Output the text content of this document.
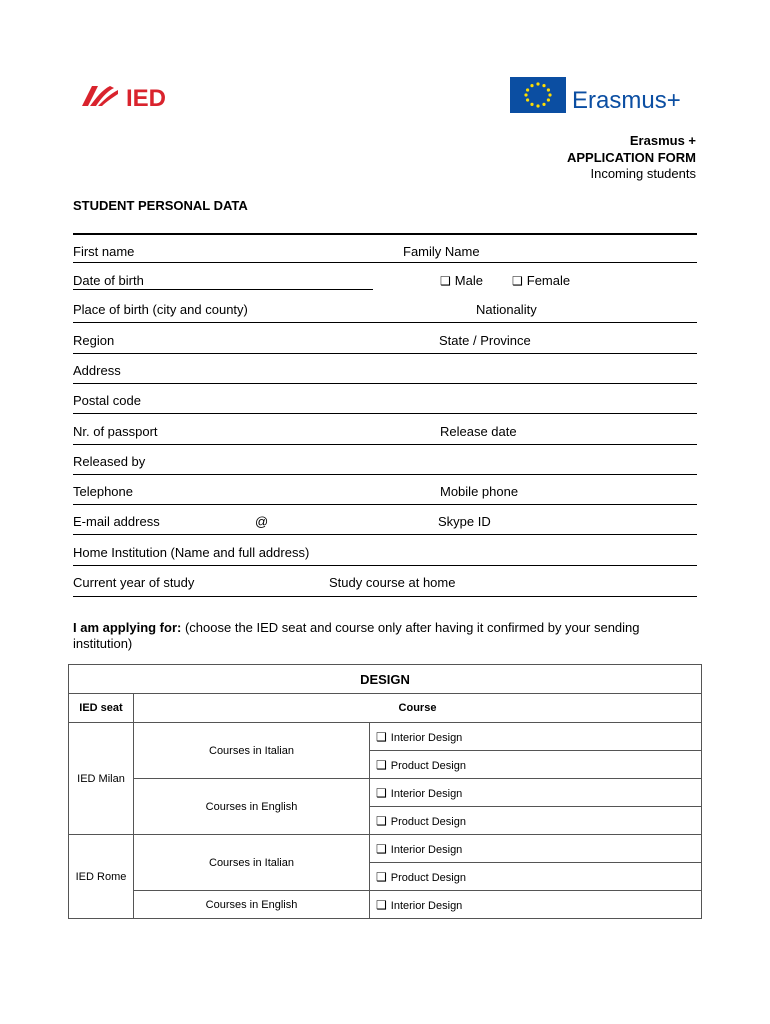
IED	Erasmus+
Erasmus +
APPLICATION FORM
Incoming students
STUDENT PERSONAL DATA
First name	Family Name
Date of birth	❑ Male	❑ Female
Place of birth (city and county)	Nationality
Region	State / Province
Address
Postal code
Nr. of passport	Release date
Released by
Telephone	Mobile phone
E-mail address	@	Skype ID
Home Institution (Name and full address)
Current year of study	Study course at home
I am applying for: (choose the IED seat and course only after having it confirmed by your sending institution)
DESIGN		
IED seat	Course	
IED Milan	Courses in Italian	❑ Interior Design
		❑ Product Design
	Courses in English	❑ Interior Design
		❑ Product Design
IED Rome	Courses in Italian	❑ Interior Design
		❑ Product Design
	Courses in English	❑ Interior Design
